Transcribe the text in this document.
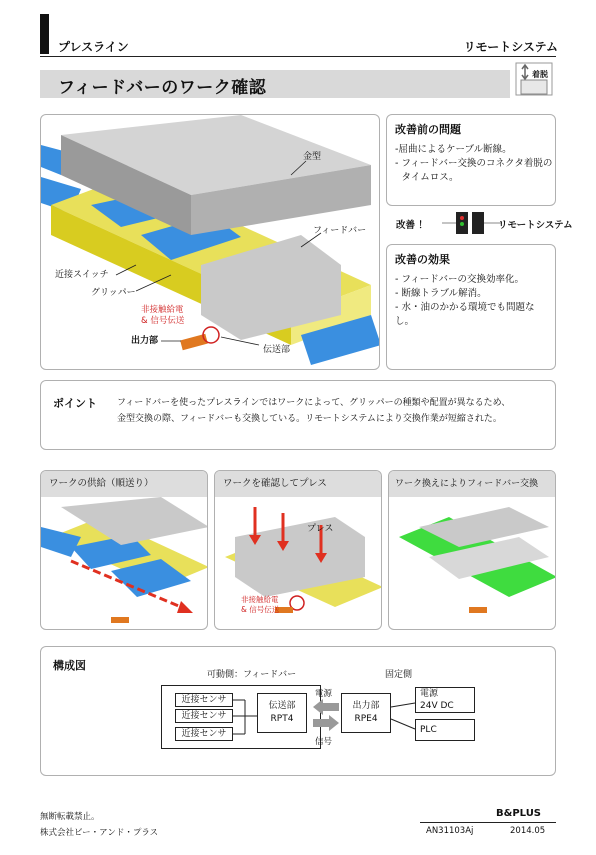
プレスライン	リモートシステム
フィードバーのワーク確認
着脱
金型
フィードバー
近接スイッチ
グリッパー
非接触給電
& 信号伝送
出力部
伝送部
改善前の問題
- 屈曲によるケーブル断線。
- フィードバー交換のコネクタ着脱の
タイムロス。
改善 ！	リモートシステム
改善の効果
- フィードバーの交換効率化。
- 断線トラブル解消。
- 水・油のかかる環境でも問題なし。
ポイント フィードバーを使ったプレスラインではワークによって、グリッパーの種類や配置が異なるため、
金型交換の際、フィードバーも交換している。リモートシステムにより交換作業が短縮された。
ワークの供給（順送り）	ワークを確認してプレス
プレス
非接触給電
& 信号伝送
ワーク換えによりフィードバー交換
構成図
可動側：フィードバー	固定側
近接センサ
近接センサ
近接センサ
伝送部
RPT4
出力部
RPE4
電源
24V DC
PLC
電源
信号
無断転載禁止。
株式会社ビー・アンド・プラス
B&PLUS
AN31103Aj	2014.05
